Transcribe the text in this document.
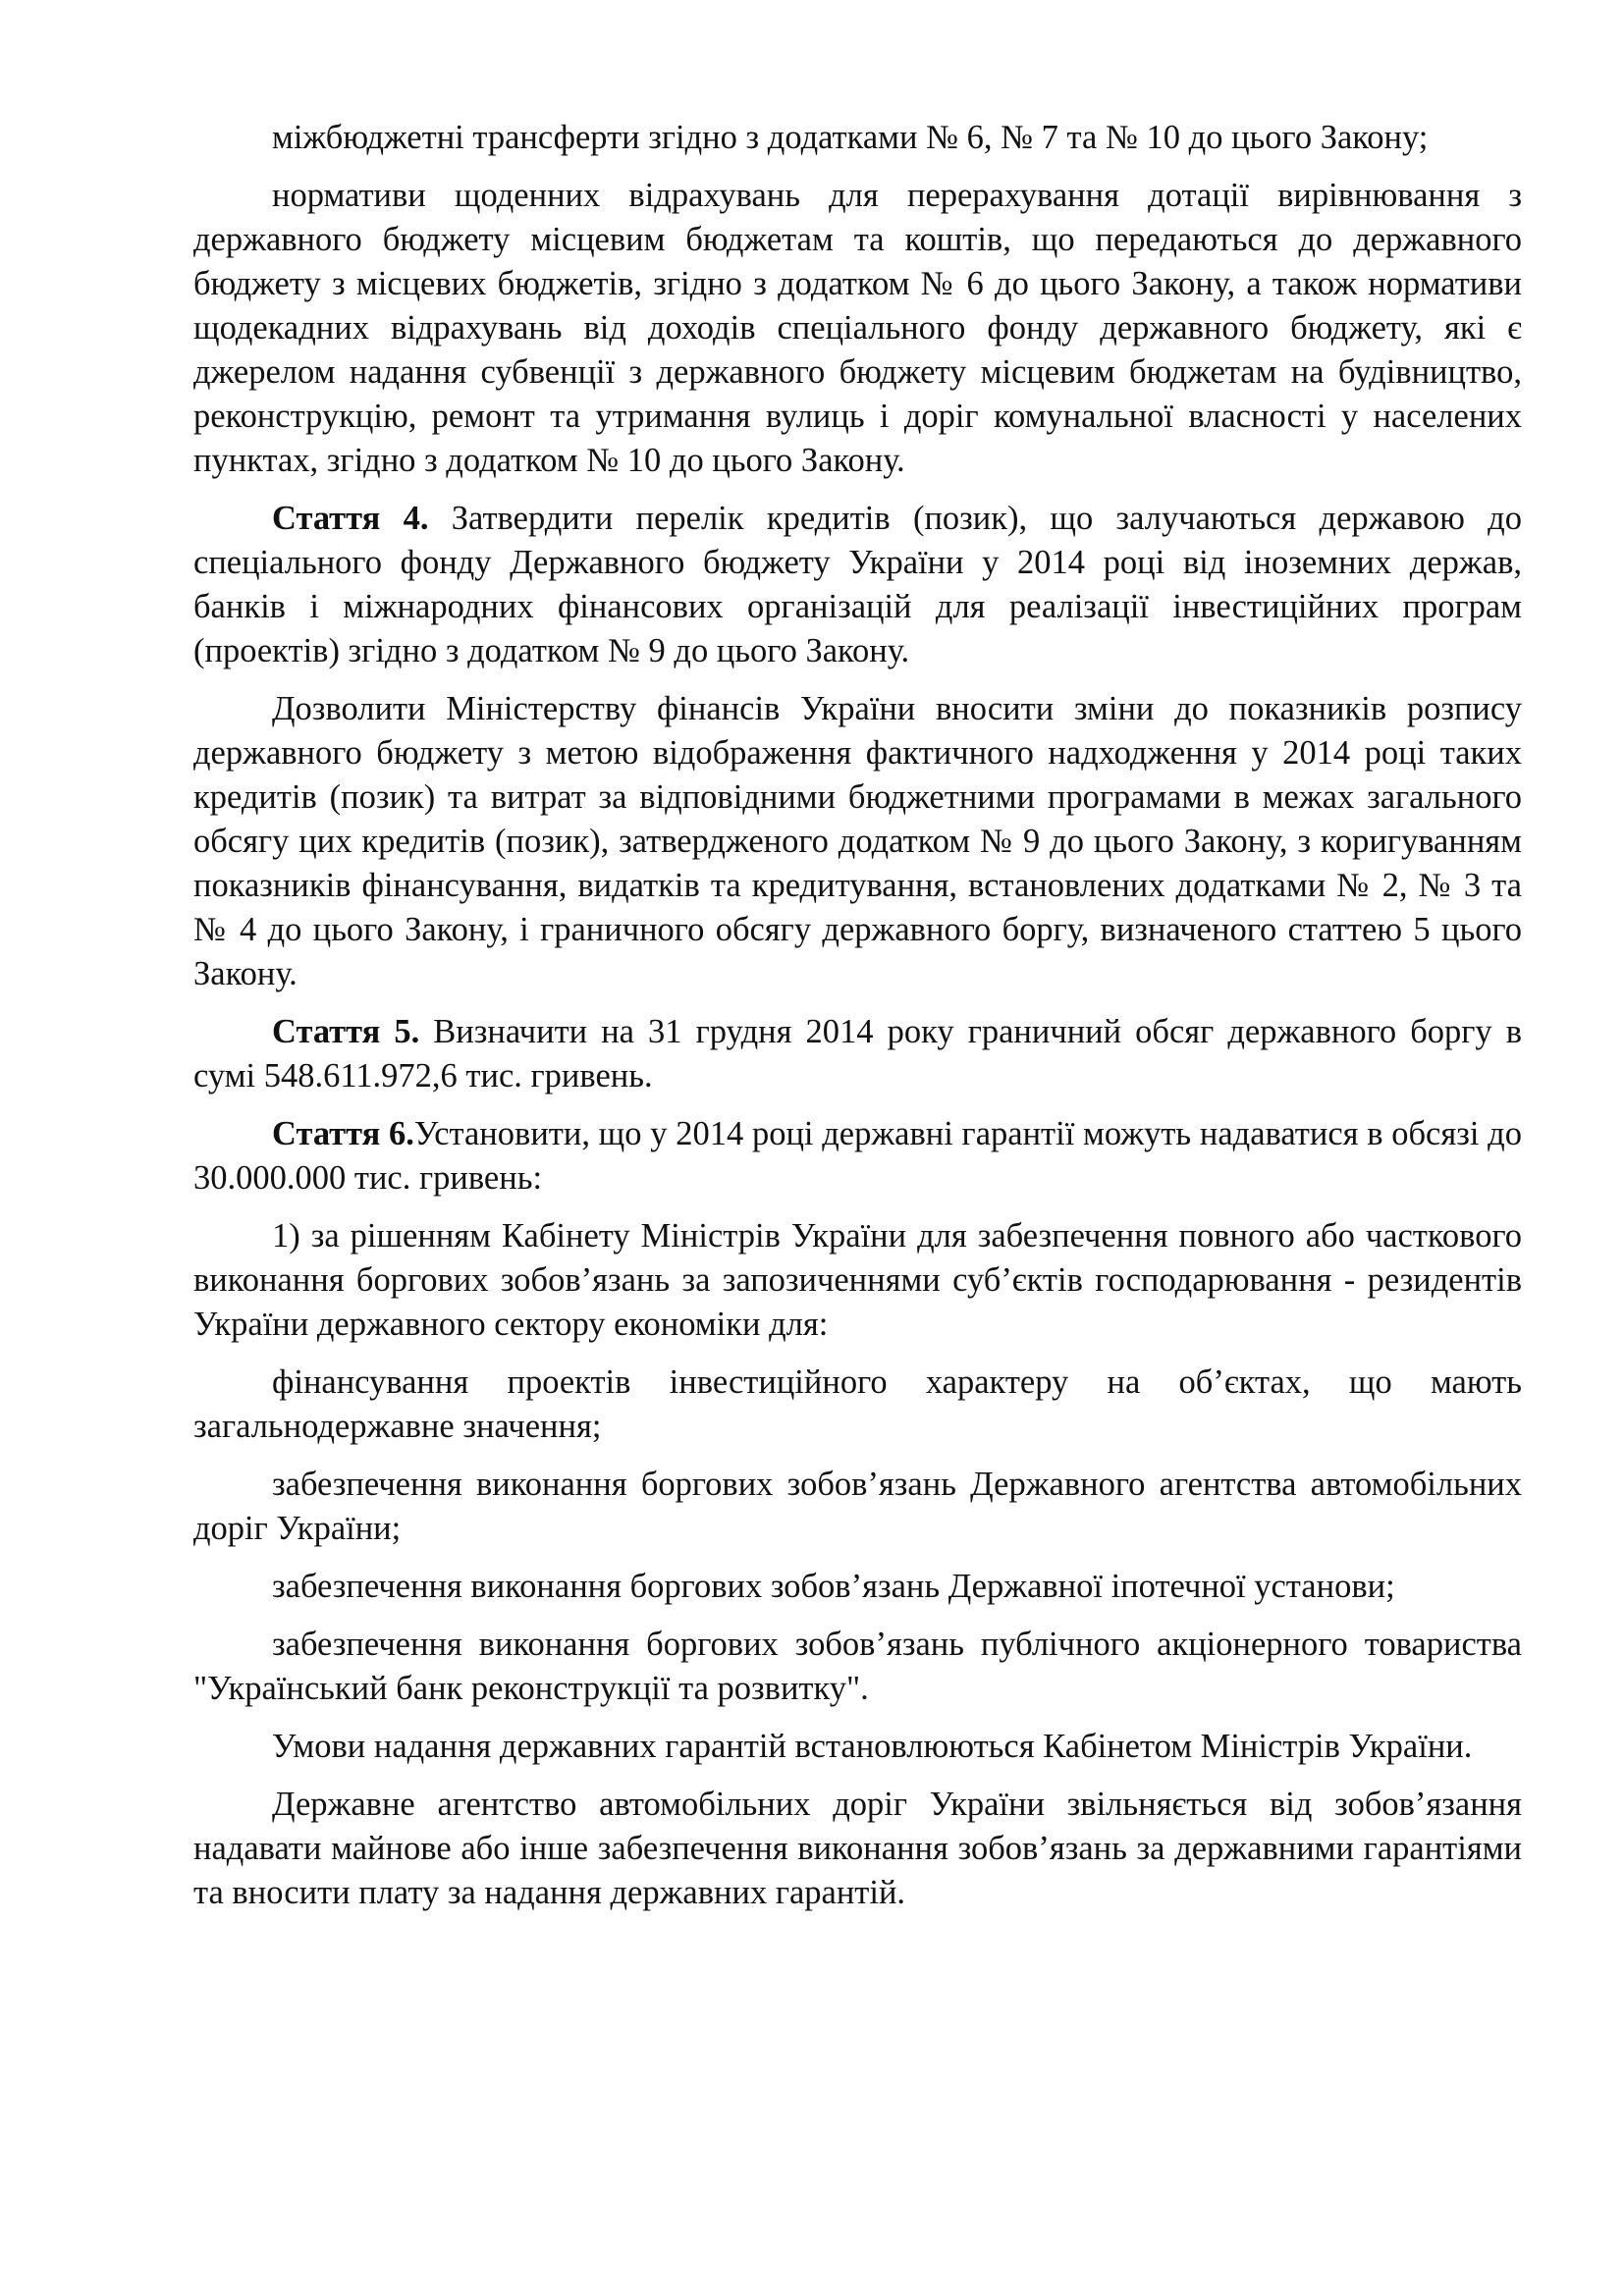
міжбюджетні трансферти згідно з додатками № 6, № 7 та № 10 до цього Закону;

нормативи щоденних відрахувань для перерахування дотації вирівнювання з державного бюджету місцевим бюджетам та коштів, що передаються до державного бюджету з місцевих бюджетів, згідно з додатком № 6 до цього Закону, а також нормативи щодекадних відрахувань від доходів спеціального фонду державного бюджету, які є джерелом надання субвенції з державного бюджету місцевим бюджетам на будівництво, реконструкцію, ремонт та утримання вулиць і доріг комунальної власності у населених пунктах, згідно з додатком № 10 до цього Закону.

Стаття 4. Затвердити перелік кредитів (позик), що залучаються державою до спеціального фонду Державного бюджету України у 2014 році від іноземних держав, банків і міжнародних фінансових організацій для реалізації інвестиційних програм (проектів) згідно з додатком № 9 до цього Закону.

Дозволити Міністерству фінансів України вносити зміни до показників розпису державного бюджету з метою відображення фактичного надходження у 2014 році таких кредитів (позик) та витрат за відповідними бюджетними програмами в межах загального обсягу цих кредитів (позик), затвердженого додатком № 9 до цього Закону, з коригуванням показників фінансування, видатків та кредитування, встановлених додатками № 2, № 3 та № 4 до цього Закону, і граничного обсягу державного боргу, визначеного статтею 5 цього Закону.

Стаття 5. Визначити на 31 грудня 2014 року граничний обсяг державного боргу в сумі 548.611.972,6 тис. гривень.

Стаття 6.Установити, що у 2014 році державні гарантії можуть надаватися в обсязі до 30.000.000 тис. гривень:

1) за рішенням Кабінету Міністрів України для забезпечення повного або часткового виконання боргових зобов’язань за запозиченнями суб’єктів господарювання - резидентів України державного сектору економіки для:

фінансування проектів інвестиційного характеру на об’єктах, що мають загальнодержавне значення;

забезпечення виконання боргових зобов’язань Державного агентства автомобільних доріг України;

забезпечення виконання боргових зобов’язань Державної іпотечної установи;

забезпечення виконання боргових зобов’язань публічного акціонерного товариства "Український банк реконструкції та розвитку".

Умови надання державних гарантій встановлюються Кабінетом Міністрів України.

Державне агентство автомобільних доріг України звільняється від зобов’язання надавати майнове або інше забезпечення виконання зобов’язань за державними гарантіями та вносити плату за надання державних гарантій.
